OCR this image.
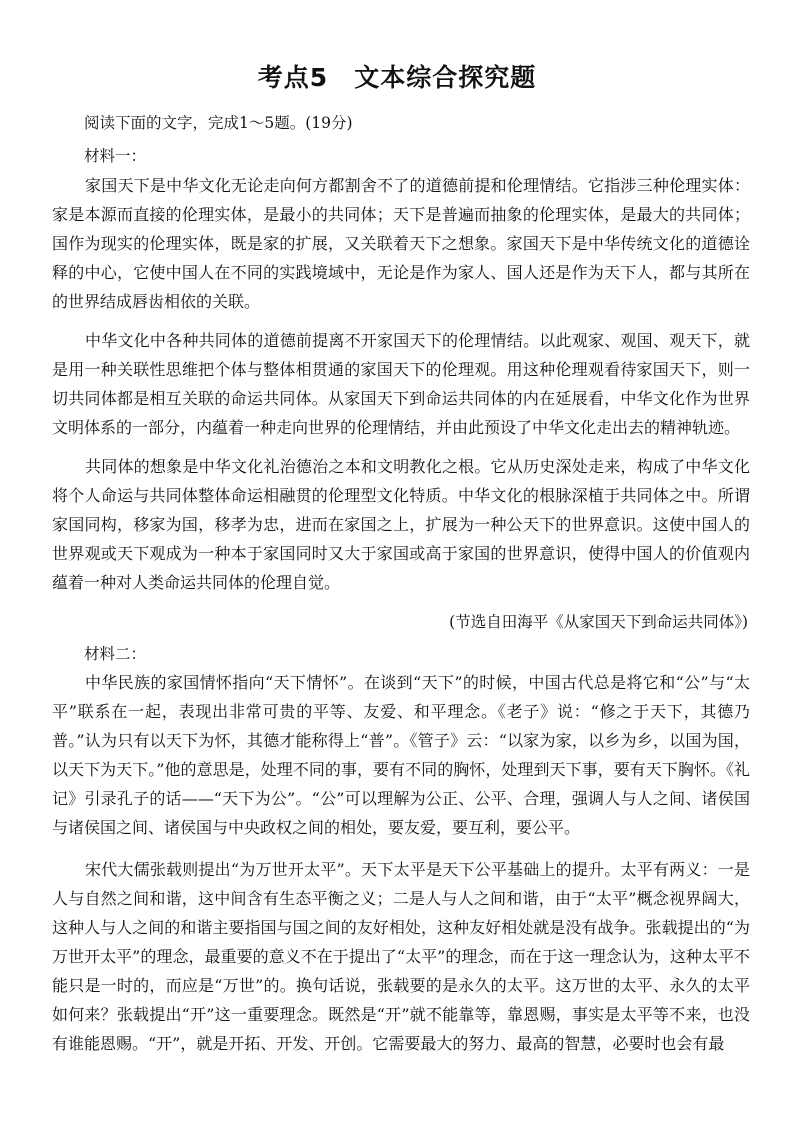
考点5 文本综合探究题
阅读下面的文字，完成1～5题。(19分)
材料一：

家国天下是中华文化无论走向何方都割舍不了的道德前提和伦理情结。它指涉三种伦理实体：家是本源而直接的伦理实体，是最小的共同体；天下是普遍而抽象的伦理实体，是最大的共同体；国作为现实的伦理实体，既是家的扩展，又关联着天下之想象。家国天下是中华传统文化的道德诠释的中心，它使中国人在不同的实践境域中，无论是作为家人、国人还是作为天下人，都与其所在的世界结成唇齿相依的关联。

中华文化中各种共同体的道德前提离不开家国天下的伦理情结。以此观家、观国、观天下，就是用一种关联性思维把个体与整体相贯通的家国天下的伦理观。用这种伦理观看待家国天下，则一切共同体都是相互关联的命运共同体。从家国天下到命运共同体的内在延展看，中华文化作为世界文明体系的一部分，内蕴着一种走向世界的伦理情结，并由此预设了中华文化走出去的精神轨迹。

共同体的想象是中华文化礼治德治之本和文明教化之根。它从历史深处走来，构成了中华文化将个人命运与共同体整体命运相融贯的伦理型文化特质。中华文化的根脉深植于共同体之中。所谓家国同构，移家为国，移孝为忠，进而在家国之上，扩展为一种公天下的世界意识。这使中国人的世界观或天下观成为一种本于家国同时又大于家国或高于家国的世界意识，使得中国人的价值观内蕴着一种对人类命运共同体的伦理自觉。

(节选自田海平《从家国天下到命运共同体》)
材料二：

中华民族的家国情怀指向“天下情怀”。在谈到“天下”的时候，中国古代总是将它和“公”与“太平”联系在一起，表现出非常可贵的平等、友爱、和平理念。《老子》说：“修之于天下，其德乃普。”认为只有以天下为怀，其德才能称得上“普”。《管子》云：“以家为家，以乡为乡，以国为国，以天下为天下。”他的意思是，处理不同的事，要有不同的胸怀，处理到天下事，要有天下胸怀。《礼记》引录孔子的话——“天下为公”。“公”可以理解为公正、公平、合理，强调人与人之间、诸侯国与诸侯国之间、诸侯国与中央政权之间的相处，要友爱，要互利，要公平。

宋代大儒张载则提出“为万世开太平”。天下太平是天下公平基础上的提升。太平有两义：一是人与自然之间和谐，这中间含有生态平衡之义；二是人与人之间和谐，由于“太平”概念视界阔大，这种人与人之间的和谐主要指国与国之间的友好相处，这种友好相处就是没有战争。张载提出的“为万世开太平”的理念，最重要的意义不在于提出了“太平”的理念，而在于这一理念认为，这种太平不能只是一时的，而应是“万世”的。换句话说，张载要的是永久的太平。这万世的太平、永久的太平如何来？张载提出“开”这一重要理念。既然是“开”就不能靠等，靠恩赐，事实是太平等不来，也没有谁能恩赐。“开”，就是开拓、开发、开创。它需要最大的努力、最高的智慧，必要时也会有最
